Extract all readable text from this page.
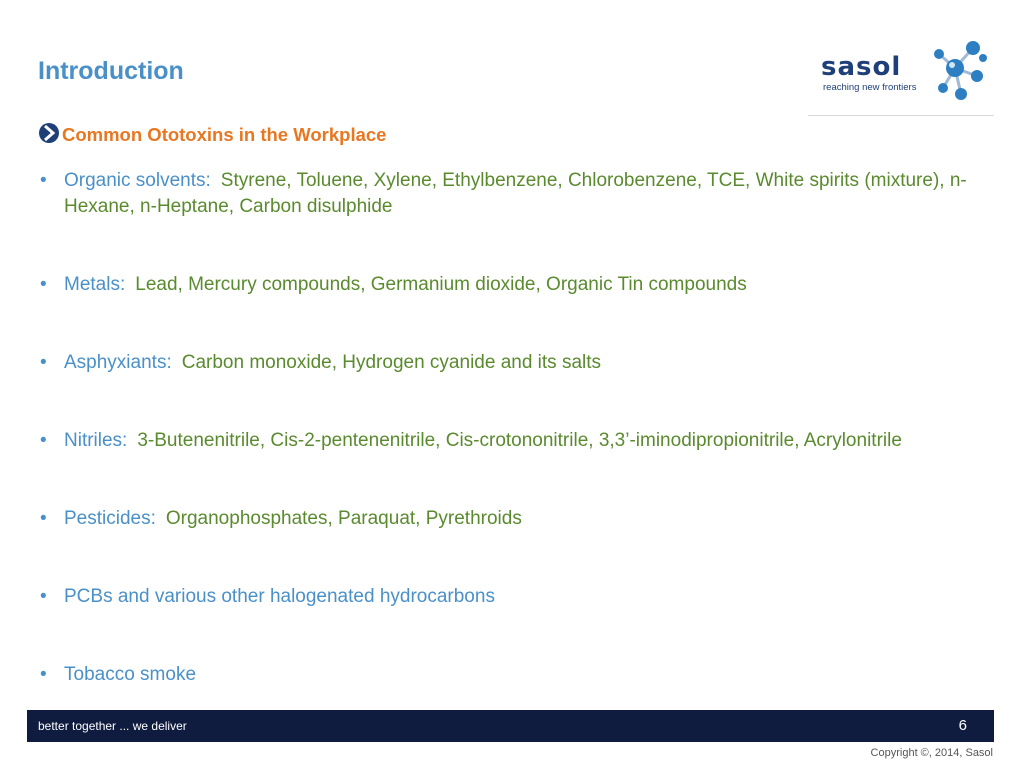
Introduction	sasol
reaching new frontiers
Common Ototoxins in the Workplace
• Organic solvents: Styrene, Toluene, Xylene, Ethylbenzene, Chlorobenzene, TCE, White spirits (mixture), n-Hexane, n-Heptane, Carbon disulphide
• Metals: Lead, Mercury compounds, Germanium dioxide, Organic Tin compounds
• Asphyxiants: Carbon monoxide, Hydrogen cyanide and its salts
• Nitriles: 3-Butenenitrile, Cis-2-pentenenitrile, Cis-crotononitrile, 3,3’-iminodipropionitrile, Acrylonitrile
• Pesticides: Organophosphates, Paraquat, Pyrethroids
• PCBs and various other halogenated hydrocarbons
• Tobacco smoke
better together ... we deliver	6
Copyright ©, 2014, Sasol
